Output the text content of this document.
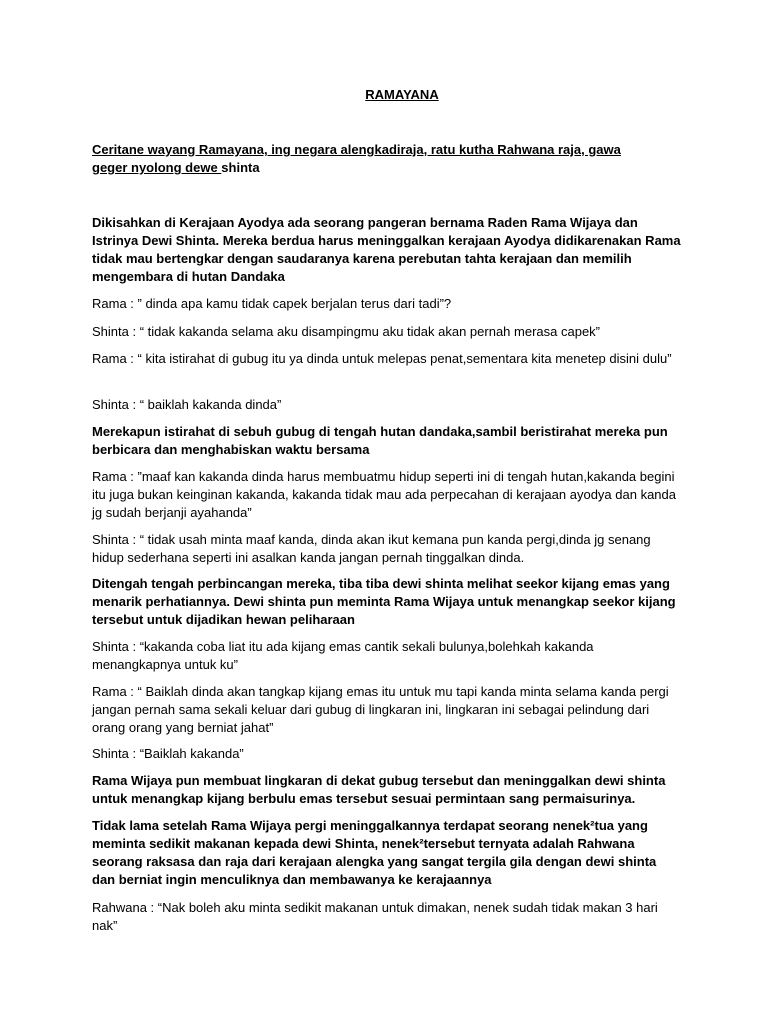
RAMAYANA
Ceritane wayang Ramayana, ing negara alengkadiraja, ratu kutha Rahwana raja, gawa geger nyolong dewe shinta
Dikisahkan di Kerajaan Ayodya ada seorang pangeran bernama Raden Rama Wijaya dan Istrinya Dewi Shinta. Mereka berdua harus meninggalkan kerajaan Ayodya didikarenakan Rama tidak mau bertengkar dengan saudaranya karena perebutan tahta kerajaan dan memilih mengembara di hutan Dandaka
Rama : ” dinda apa kamu tidak capek berjalan terus dari tadi”?
Shinta : “ tidak kakanda selama aku disampingmu aku tidak akan pernah merasa capek”
Rama : “ kita istirahat di gubug itu ya dinda untuk melepas penat,sementara kita menetep disini dulu”
Shinta : “ baiklah kakanda dinda”
Merekapun istirahat di sebuh gubug di tengah hutan dandaka,sambil beristirahat mereka pun berbicara dan menghabiskan waktu bersama
Rama : ”maaf kan kakanda dinda harus membuatmu hidup seperti ini di tengah hutan,kakanda begini itu juga bukan keinginan kakanda, kakanda tidak mau ada perpecahan di kerajaan ayodya dan kanda jg sudah berjanji ayahanda”
Shinta : “ tidak usah minta maaf kanda, dinda akan ikut kemana pun kanda pergi,dinda jg senang hidup sederhana seperti ini asalkan kanda jangan pernah tinggalkan dinda.
Ditengah tengah perbincangan mereka, tiba tiba dewi shinta melihat seekor kijang emas yang menarik perhatiannya. Dewi shinta pun meminta Rama Wijaya untuk menangkap seekor kijang tersebut untuk dijadikan hewan peliharaan
Shinta : “kakanda coba liat itu ada kijang emas cantik sekali bulunya,bolehkah kakanda menangkapnya untuk ku”
Rama : “ Baiklah dinda akan tangkap kijang emas itu untuk mu tapi kanda minta selama kanda pergi jangan pernah sama sekali keluar dari gubug di lingkaran ini, lingkaran ini sebagai pelindung dari orang orang yang berniat jahat”
Shinta : “Baiklah kakanda”
Rama Wijaya pun membuat lingkaran di dekat gubug tersebut dan meninggalkan dewi shinta untuk menangkap kijang berbulu emas tersebut sesuai permintaan sang permaisurinya.
Tidak lama setelah Rama Wijaya pergi meninggalkannya terdapat seorang nenek²tua yang meminta sedikit makanan kepada dewi Shinta, nenek²tersebut ternyata adalah Rahwana seorang raksasa dan raja dari kerajaan alengka yang sangat tergila gila dengan dewi shinta dan berniat ingin menculiknya dan membawanya ke kerajaannya
Rahwana : “Nak boleh aku minta sedikit makanan untuk dimakan, nenek sudah tidak makan 3 hari nak”
